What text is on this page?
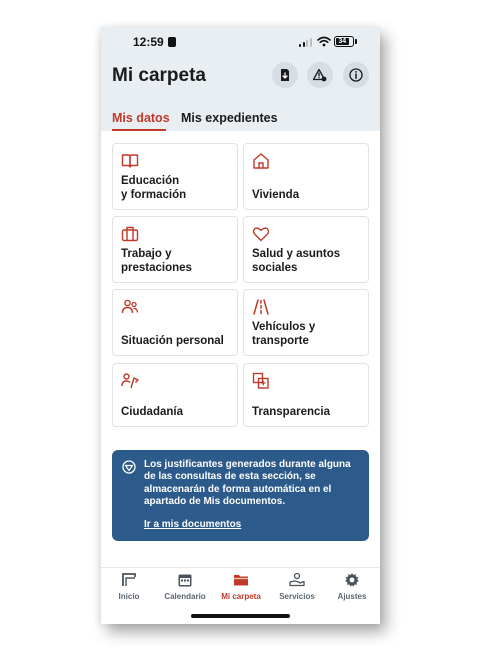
12:59	34
Mi carpeta
Mis datos Mis expedientes
Educación
y formación	Vivienda
Trabajo y
prestaciones
Salud y asuntos
sociales
Situación personal
Vehículos y
transporte
Ciudadanía	Transparencia

Los justificantes generados durante alguna de las consultas de esta sección, se almacenarán de forma automática en el apartado de Mis documentos.

Ir a mis documentos
Inicio	Calendario	Mi carpeta	Servicios	Ajustes
